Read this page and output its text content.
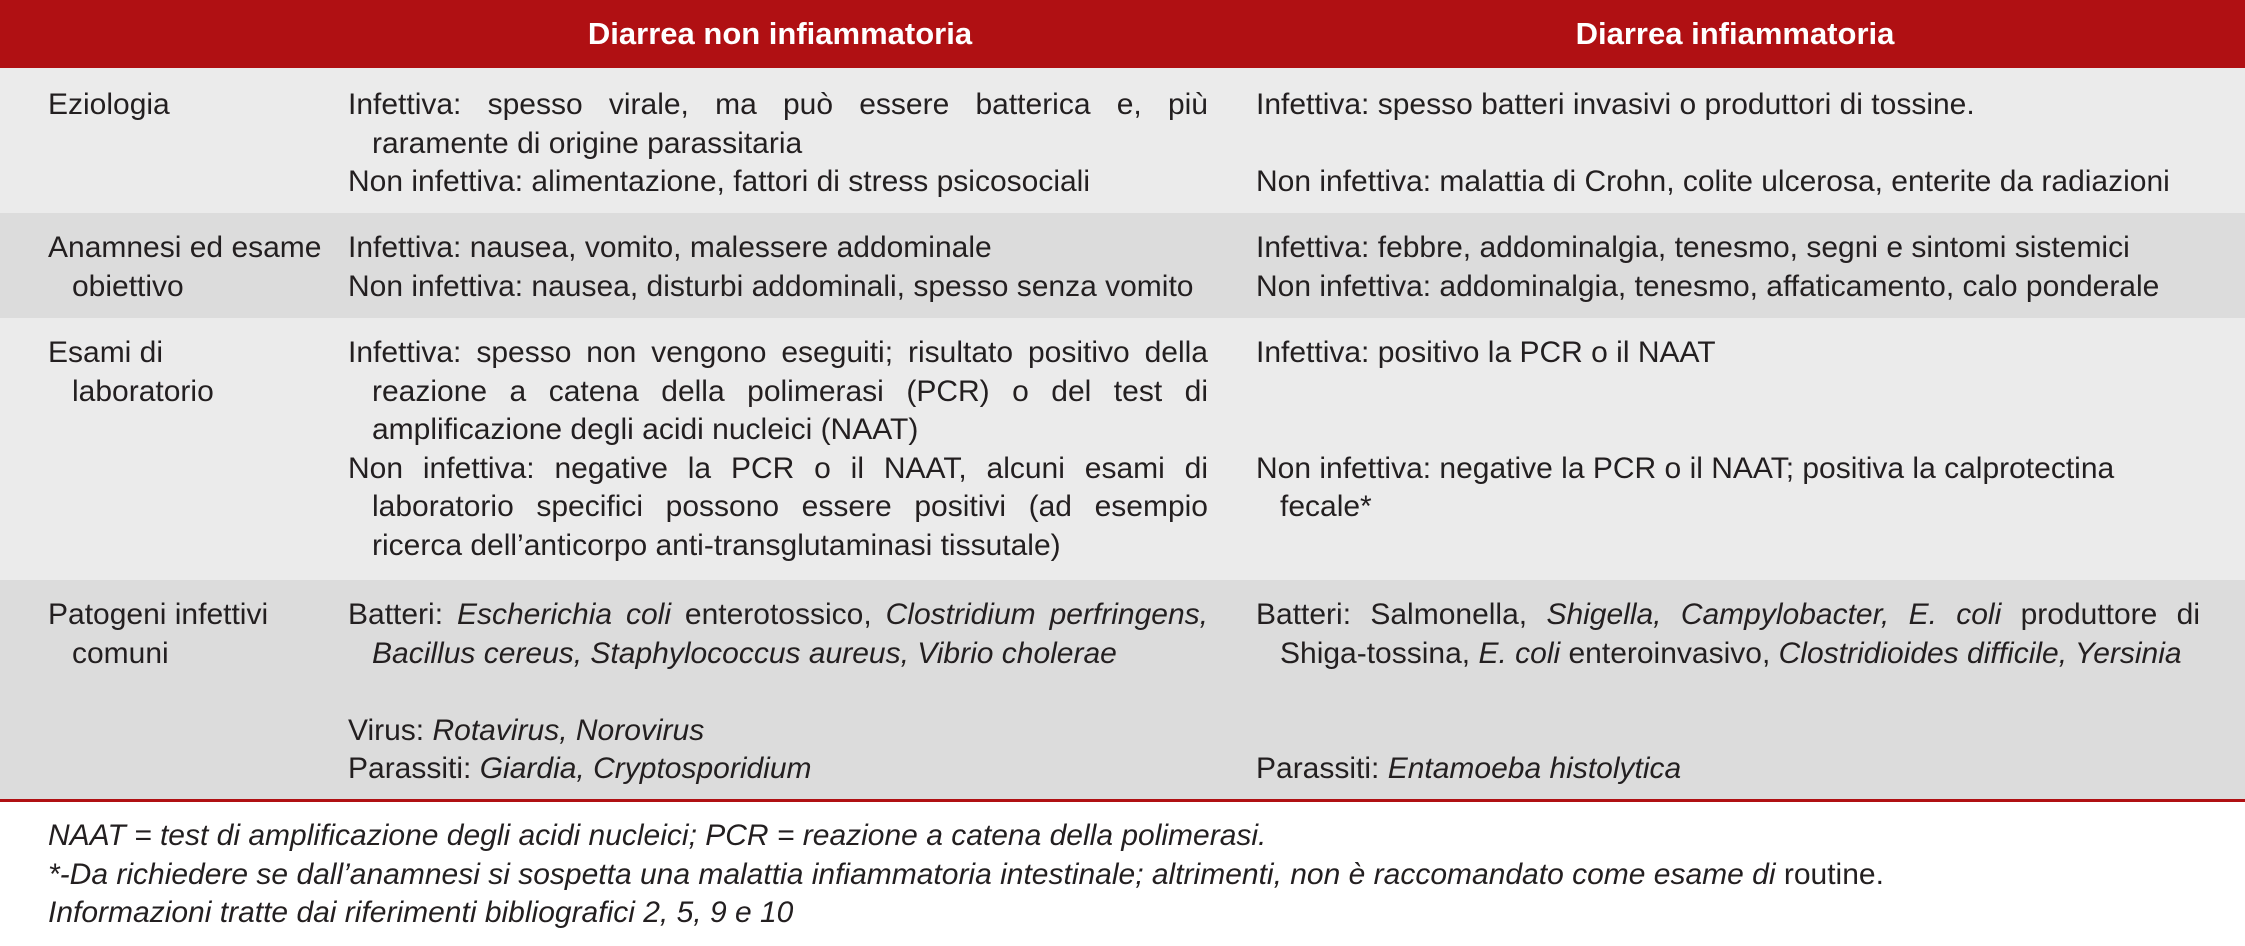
Diarrea non infiammatoria	Diarrea infiammatoria
Eziologia	Infettiva: spesso virale, ma può essere batterica e, più raramente di origine parassitaria
Non infettiva: alimentazione, fattori di stress psicosociali
Infettiva: spesso batteri invasivi o produttori di tossine.
Non infettiva: malattia di Crohn, colite ulcerosa, enterite da radiazioni
Anamnesi ed esame obiettivo
Infettiva: nausea, vomito, malessere addominale
Non infettiva: nausea, disturbi addominali, spesso senza vomito
Infettiva: febbre, addominalgia, tenesmo, segni e sintomi sistemici
Non infettiva: addominalgia, tenesmo, affaticamento, calo ponderale
Esami di laboratorio
Infettiva: spesso non vengono eseguiti; risultato positivo della reazione a catena della polimerasi (PCR) o del test di amplificazione degli acidi nucleici (NAAT)
Non infettiva: negative la PCR o il NAAT, alcuni esami di laboratorio specifici possono essere positivi (ad esempio ricerca dell’anticorpo anti-transglutaminasi tissutale)
Infettiva: positivo la PCR o il NAAT
Non infettiva: negative la PCR o il NAAT; positiva la calprotectina fecale*
Patogeni infettivi comuni
Batteri: Escherichia coli enterotossico, Clostridium perfringens, Bacillus cereus, Staphylococcus aureus, Vibrio cholerae
Virus: Rotavirus, Norovirus
Parassiti: Giardia, Cryptosporidium
Batteri: Salmonella, Shigella, Campylobacter, E. coli produttore di Shiga-tossina, E. coli enteroinvasivo, Clostridioides difficile, Yersinia
Parassiti: Entamoeba histolytica
NAAT = test di amplificazione degli acidi nucleici; PCR = reazione a catena della polimerasi.
*-Da richiedere se dall’anamnesi si sospetta una malattia infiammatoria intestinale; altrimenti, non è raccomandato come esame di routine.
Informazioni tratte dai riferimenti bibliografici 2, 5, 9 e 10
